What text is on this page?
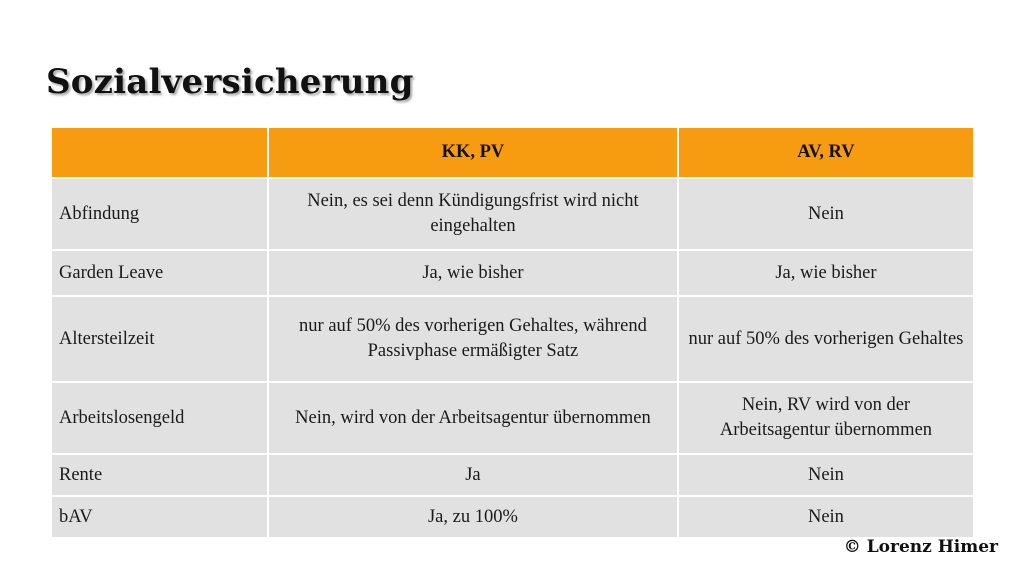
Sozialversicherung
	KK, PV	AV, RV
Abfindung	Nein, es sei denn Kündigungsfrist wird nicht eingehalten	Nein
Garden Leave	Ja, wie bisher	Ja, wie bisher
Altersteilzeit	nur auf 50% des vorherigen Gehaltes, während Passivphase ermäßigter Satz	nur auf 50% des vorherigen Gehaltes
Arbeitslosengeld	Nein, wird von der Arbeitsagentur übernommen	Nein, RV wird von der Arbeitsagentur übernommen
Rente	Ja	Nein
bAV	Ja, zu 100%	Nein
© Lorenz Himer
